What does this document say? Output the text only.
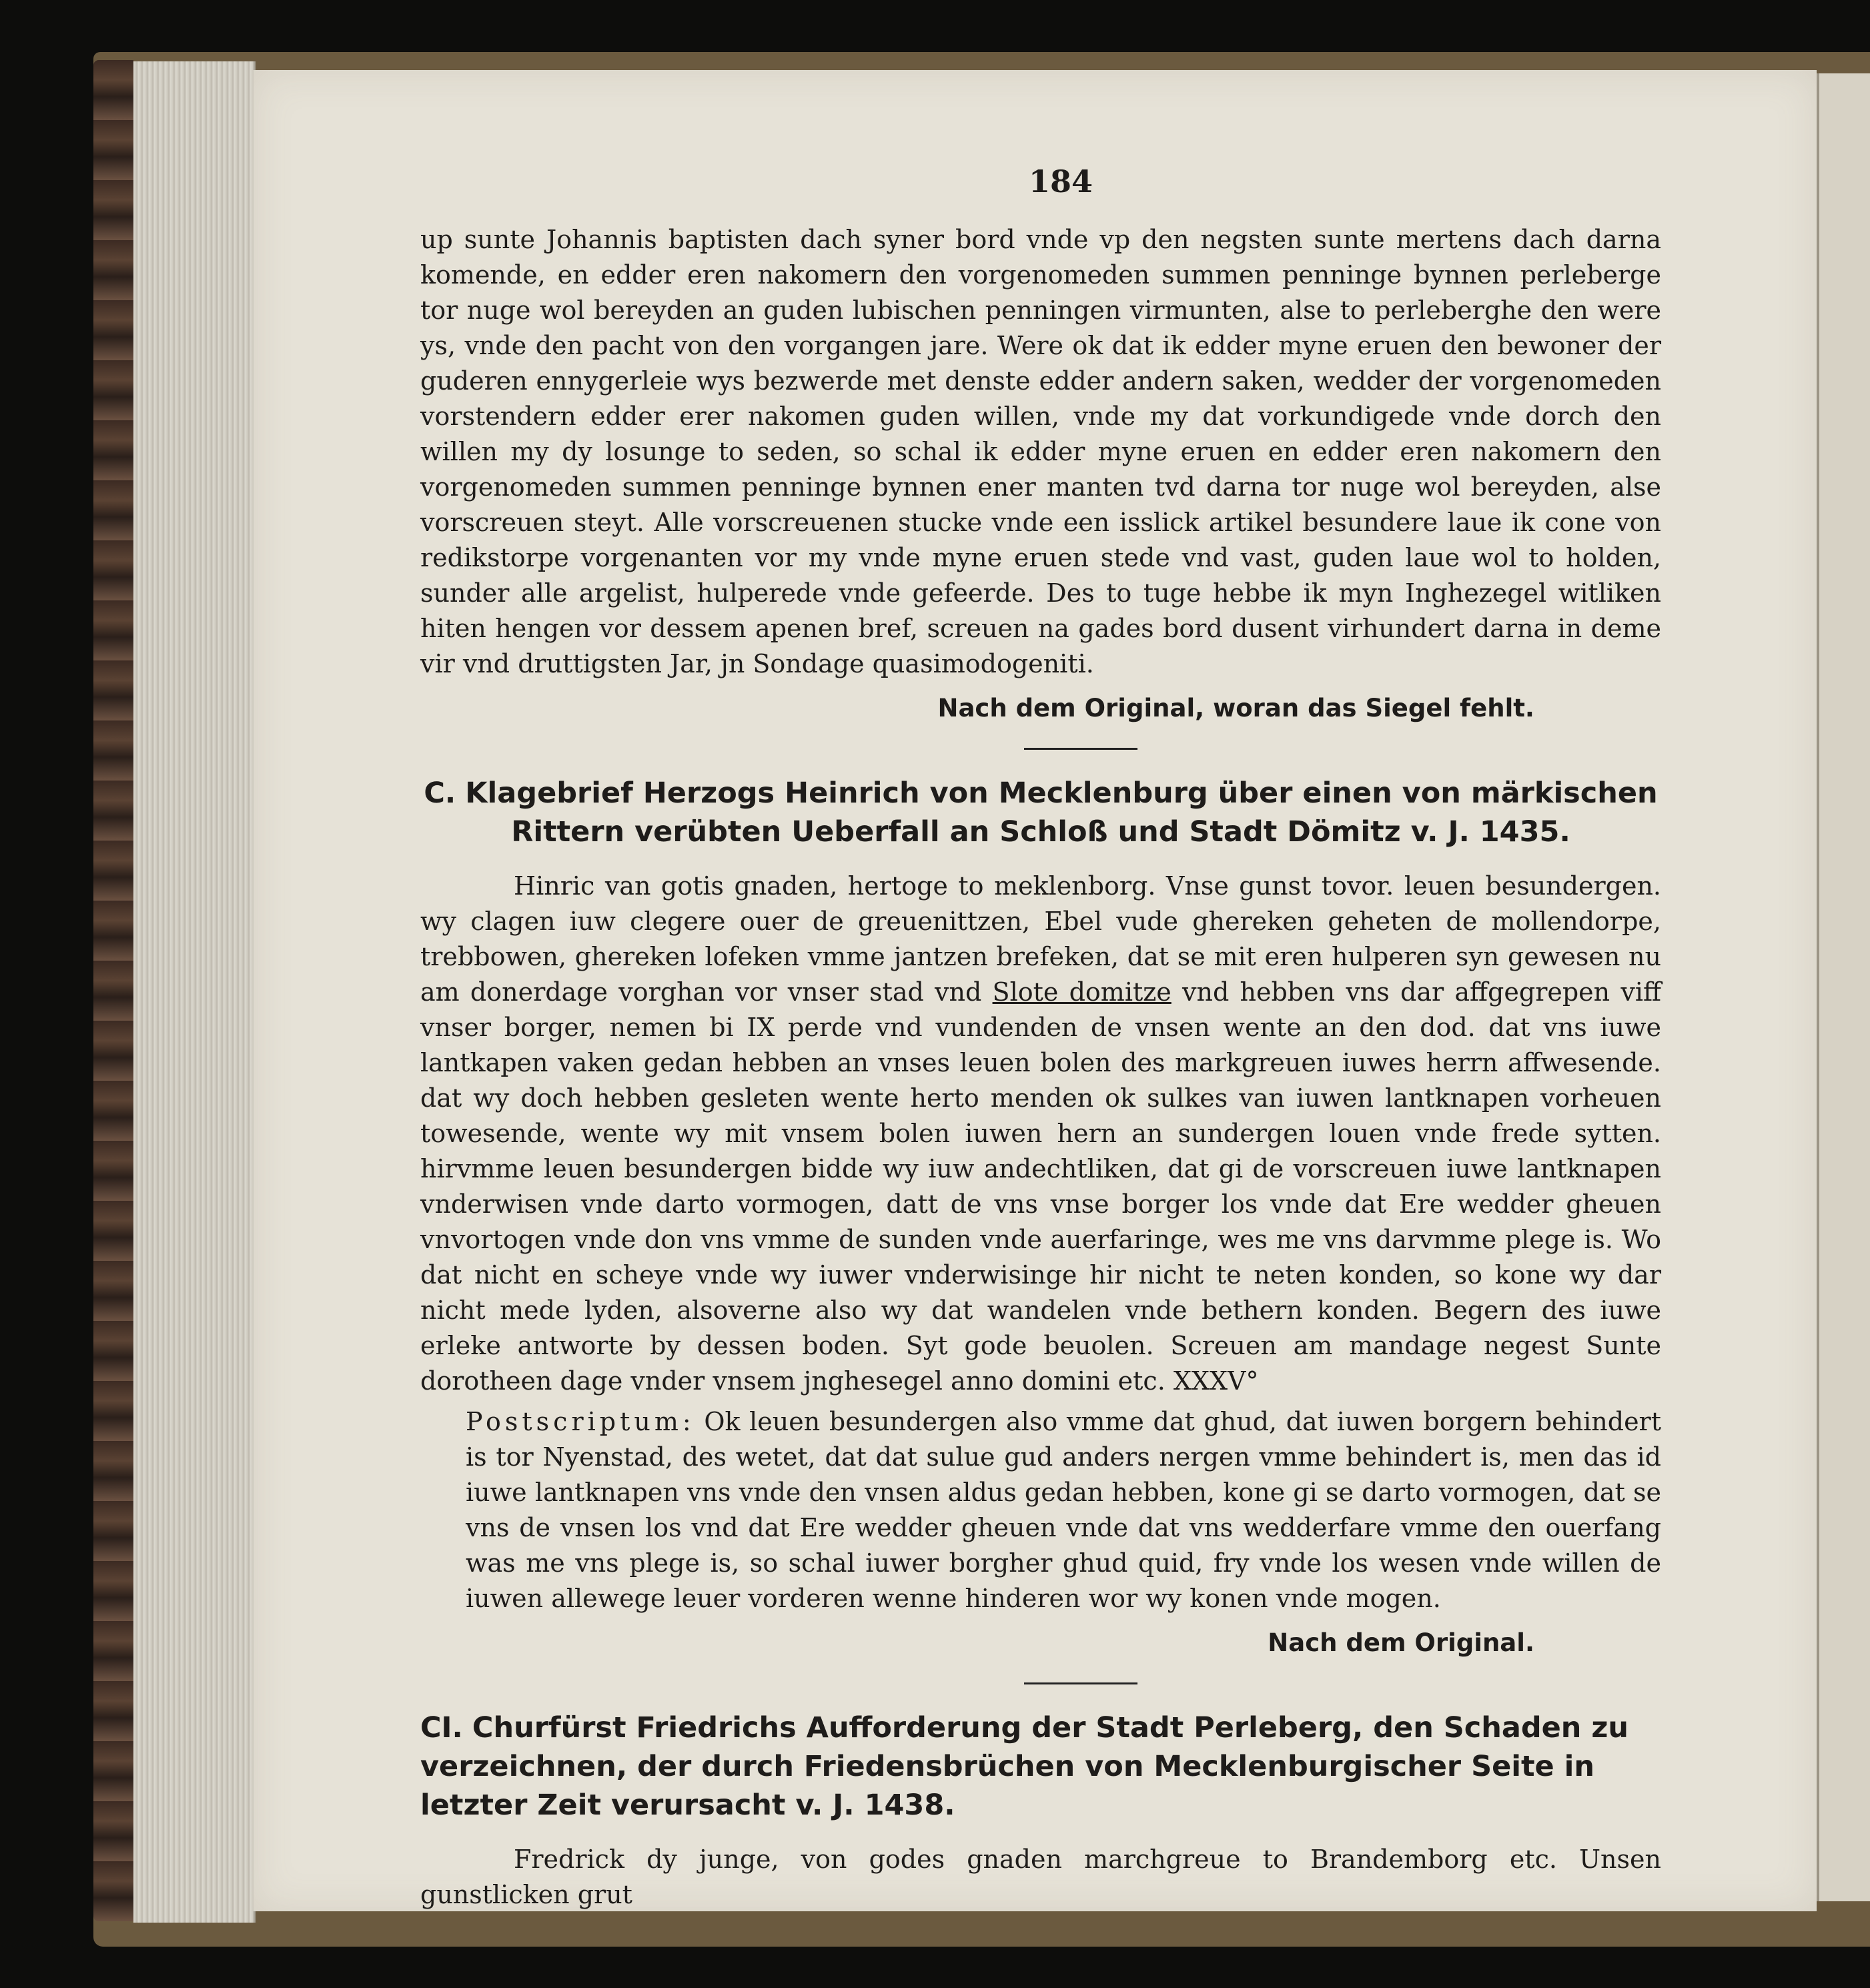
184

up sunte Johannis baptisten dach syner bord vnde vp den negsten sunte mertens dach darna komende, en edder eren nakomern den vorgenomeden summen penninge bynnen perleberge tor nuge wol bereyden an guden lubischen penningen virmunten, alse to perleberghe den were ys, vnde den pacht von den vorgangen jare. Were ok dat ik edder myne eruen den bewoner der guderen ennygerleie wys bezwerde met denste edder andern saken, wedder der vorgenomeden vorstendern edder erer nakomen guden willen, vnde my dat vorkundigede vnde dorch den willen my dy losunge to seden, so schal ik edder myne eruen en edder eren nakomern den vorgenomeden summen penninge bynnen ener manten tvd darna tor nuge wol bereyden, alse vorscreuen steyt. Alle vorscreuenen stucke vnde een isslick artikel besundere laue ik cone von redikstorpe vorgenanten vor my vnde myne eruen stede vnd vast, guden laue wol to holden, sunder alle argelist, hulperede vnde gefeerde. Des to tuge hebbe ik myn Inghezegel witliken hiten hengen vor dessem apenen bref, screuen na gades bord dusent virhundert darna in deme vir vnd druttigsten Jar, jn Sondage quasimodogeniti.

Nach dem Original, woran das Siegel fehlt.
C. Klagebrief Herzogs Heinrich von Mecklenburg über einen von märkischen Rittern verübten Ueberfall an Schloß und Stadt Dömitz v. J. 1435.

Hinric van gotis gnaden, hertoge to meklenborg. Vnse gunst tovor. leuen besundergen. wy clagen iuw clegere ouer de greuenittzen, Ebel vude ghereken geheten de mollendorpe, trebbowen, ghereken lofeken vmme jantzen brefeken, dat se mit eren hulperen syn gewesen nu am donerdage vorghan vor vnser stad vnd Slote domitze vnd hebben vns dar affgegrepen viff vnser borger, nemen bi IX perde vnd vundenden de vnsen wente an den dod. dat vns iuwe lantkapen vaken gedan hebben an vnses leuen bolen des markgreuen iuwes herrn affwesende. dat wy doch hebben gesleten wente herto menden ok sulkes van iuwen lantknapen vorheuen towesende, wente wy mit vnsem bolen iuwen hern an sundergen louen vnde frede sytten. hirvmme leuen besundergen bidde wy iuw andechtliken, dat gi de vorscreuen iuwe lantknapen vnderwisen vnde darto vormogen, datt de vns vnse borger los vnde dat Ere wedder gheuen vnvortogen vnde don vns vmme de sunden vnde auerfaringe, wes me vns darvmme plege is. Wo dat nicht en scheye vnde wy iuwer vnderwisinge hir nicht te neten konden, so kone wy dar nicht mede lyden, alsoverne also wy dat wandelen vnde bethern konden. Begern des iuwe erleke antworte by dessen boden. Syt gode beuolen. Screuen am mandage negest Sunte dorotheen dage vnder vnsem jnghesegel anno domini etc. XXXV°

Postscriptum: Ok leuen besundergen also vmme dat ghud, dat iuwen borgern behindert is tor Nyenstad, des wetet, dat dat sulue gud anders nergen vmme behindert is, men das id iuwe lantknapen vns vnde den vnsen aldus gedan hebben, kone gi se darto vormogen, dat se vns de vnsen los vnd dat Ere wedder gheuen vnde dat vns wedderfare vmme den ouerfang was me vns plege is, so schal iuwer borgher ghud quid, fry vnde los wesen vnde willen de iuwen allewege leuer vorderen wenne hinderen wor wy konen vnde mogen.

Nach dem Original.
CI. Churfürst Friedrichs Aufforderung der Stadt Perleberg, den Schaden zu verzeichnen, der durch Friedensbrüchen von Mecklenburgischer Seite in letzter Zeit verursacht v. J. 1438.

Fredrick dy junge, von godes gnaden marchgreue to Brandemborg etc. Unsen gunstlicken grut
